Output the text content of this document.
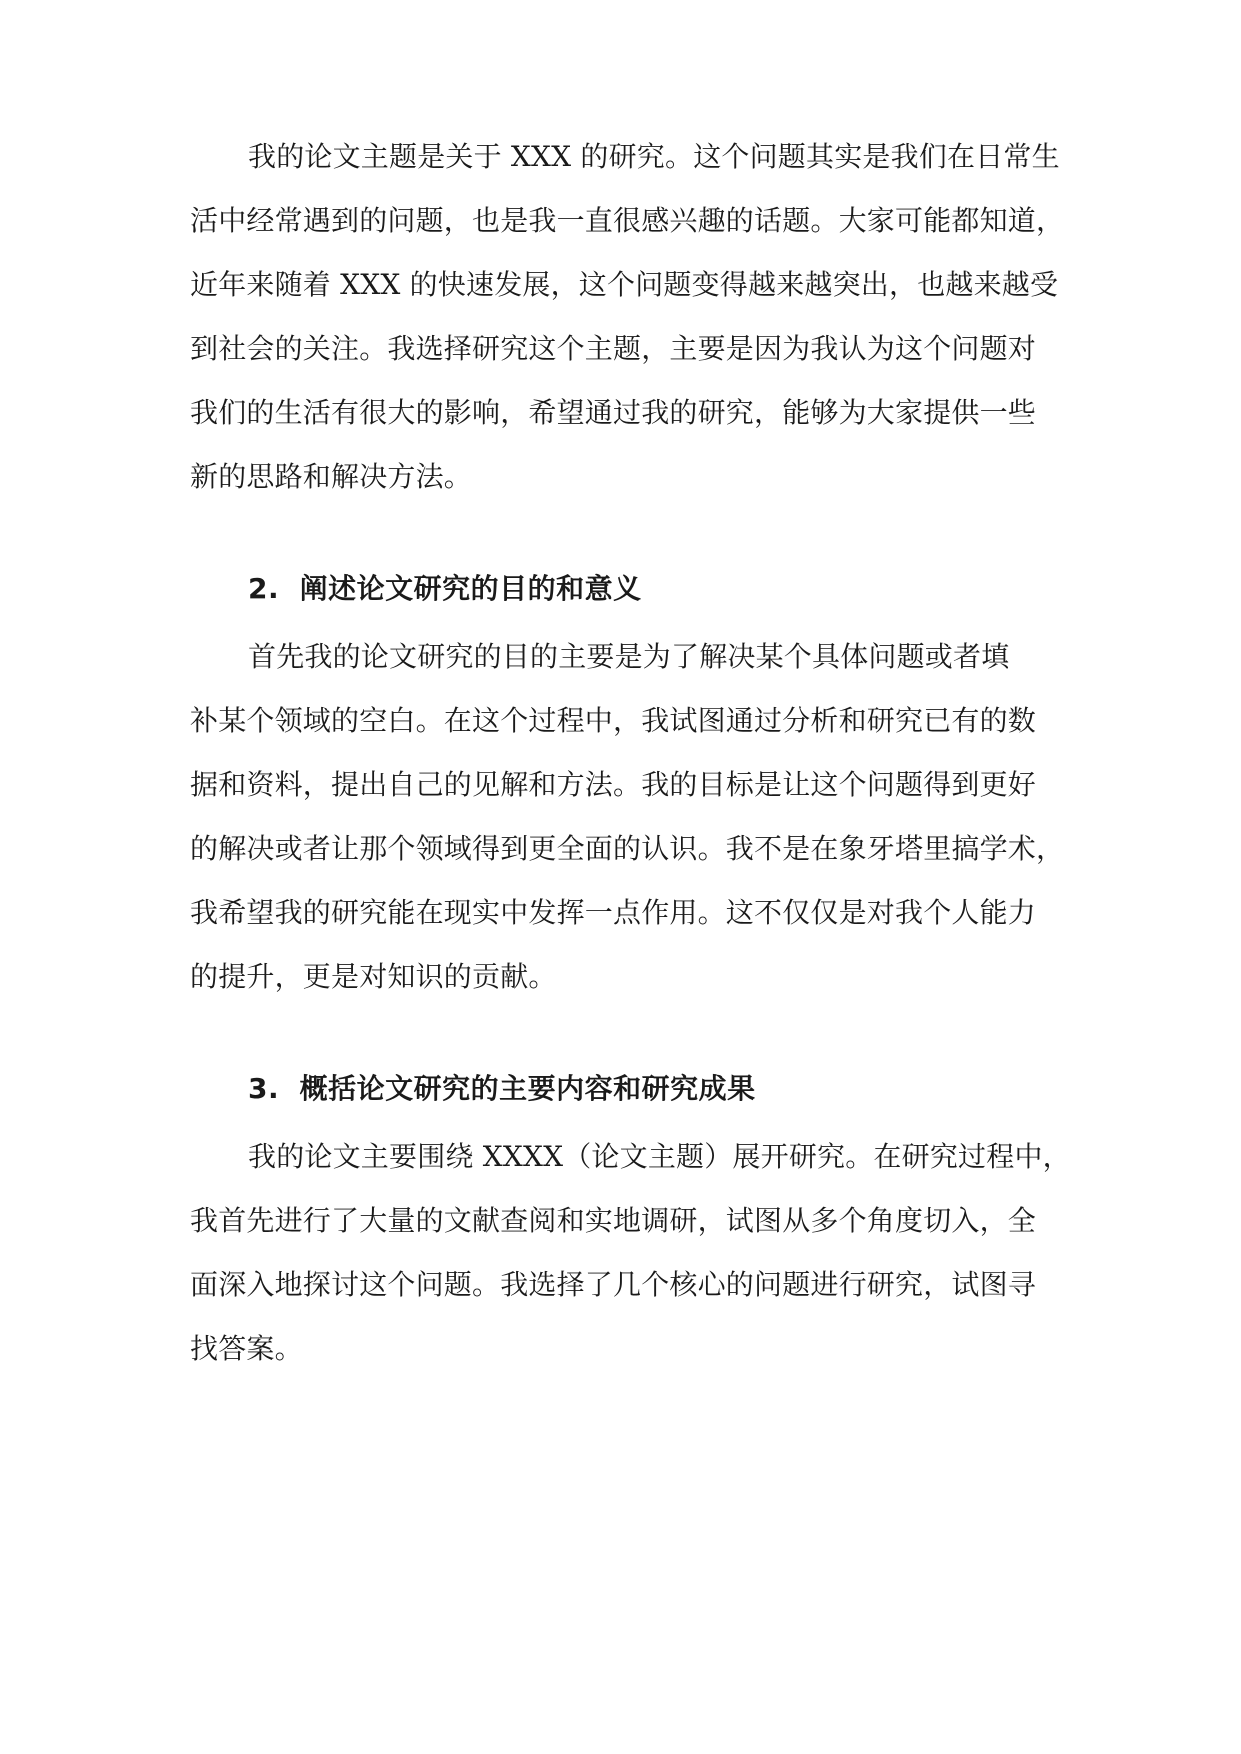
我的论文主题是关于 XXX 的研究。这个问题其实是我们在日常生
活中经常遇到的问题，也是我一直很感兴趣的话题。大家可能都知道，
近年来随着 XXX 的快速发展，这个问题变得越来越突出，也越来越受
到社会的关注。我选择研究这个主题，主要是因为我认为这个问题对
我们的生活有很大的影响，希望通过我的研究，能够为大家提供一些
新的思路和解决方法。
2. 阐述论文研究的目的和意义
首先我的论文研究的目的主要是为了解决某个具体问题或者填
补某个领域的空白。在这个过程中，我试图通过分析和研究已有的数
据和资料，提出自己的见解和方法。我的目标是让这个问题得到更好
的解决或者让那个领域得到更全面的认识。我不是在象牙塔里搞学术，
我希望我的研究能在现实中发挥一点作用。这不仅仅是对我个人能力
的提升，更是对知识的贡献。
3. 概括论文研究的主要内容和研究成果
我的论文主要围绕 XXXX（论文主题）展开研究。在研究过程中，
我首先进行了大量的文献查阅和实地调研，试图从多个角度切入，全
面深入地探讨这个问题。我选择了几个核心的问题进行研究，试图寻
找答案。
